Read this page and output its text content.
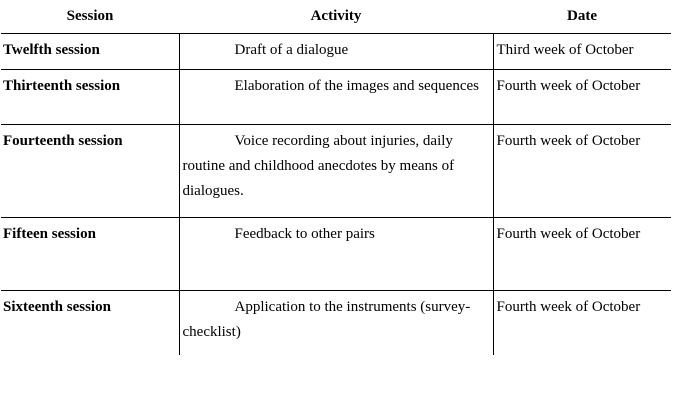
Session	Activity	Date
Twelfth session	Draft of a dialogue	Third week of October
Thirteenth session	Elaboration of the images and sequences	Fourth week of October
Fourteenth session	Voice recording about injuries, daily routine and childhood anecdotes by means of dialogues.	Fourth week of October
Fifteen session	Feedback to other pairs	Fourth week of October
Sixteenth session	Application to the instruments (survey-checklist)	Fourth week of October
